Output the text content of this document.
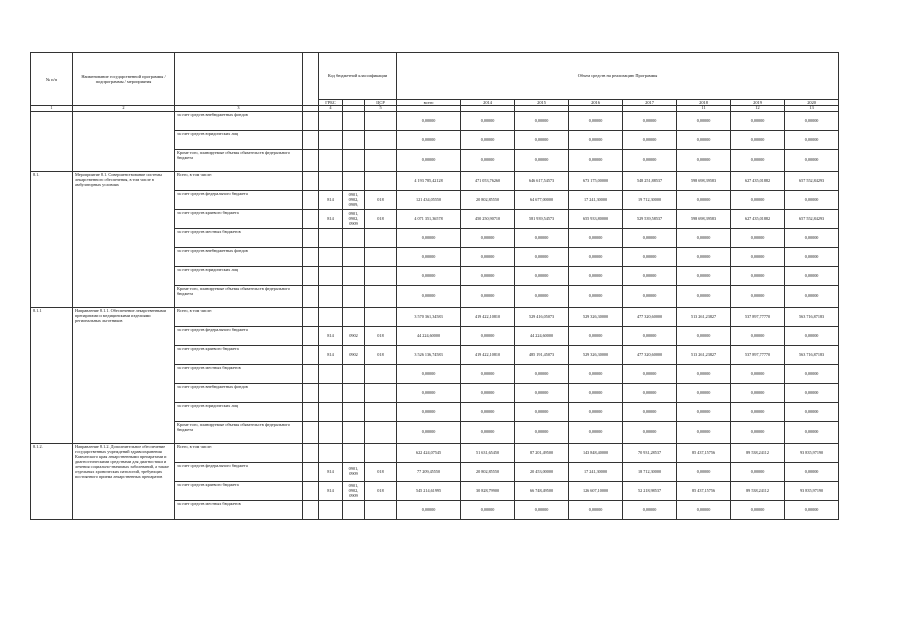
№ п/п	Наименование государственной программы / подпрограммы / мероприятия			Код бюджетной классификации			Объем средств на реализацию Программы							
				ГРБС		ЦСР	всего	2014	2015	2016	2017	2018	2019	2020
1	2	3		4		5						11	12	13
		за счет средств внебюджетных фондов					0,00000	0,00000	0,00000	0,00000	0,00000	0,00000	0,00000	0,00000
		за счет средств юридических лиц					0,00000	0,00000	0,00000	0,00000	0,00000	0,00000	0,00000	0,00000
		Кроме того, планируемые объемы обязательств федерального бюджета					0,00000	0,00000	0,00000	0,00000	0,00000	0,00000	0,00000	0,00000
8.1.	Мероприятие 8.1. Совершенствование системы лекарственного обеспечения, в том числе в амбулаторных условиях	Всего, в том числе:					4 193 785,42128	471 053,76260	646 617,54573	673 175,00000	548 251,88537	598 698,39583	627 435,01882	657 552,84293
		за счет средств федерального бюджета		814	0901, 0902, 0909,	018	121 434,05550	20 802,85550	64 677,00000	17 241,30000	19 712,30000	0,00000	0,00000	0,00000
		за счет средств краевого бюджета		814	0901, 0902, 0909	018	4 071 351,36578	450 250,90710	581 939,54573	655 933,80000	529 539,58537	598 698,39583	627 435,01882	657 552,84293
		за счет средств местных бюджетов					0,00000	0,00000	0,00000	0,00000	0,00000	0,00000	0,00000	0,00000
		за счет средств внебюджетных фондов					0,00000	0,00000	0,00000	0,00000	0,00000	0,00000	0,00000	0,00000
		за счет средств юридических лиц					0,00000	0,00000	0,00000	0,00000	0,00000	0,00000	0,00000	0,00000
		Кроме того, планируемые объемы обязательств федерального бюджета					0,00000	0,00000	0,00000	0,00000	0,00000	0,00000	0,00000	0,00000
8.1.1	Направление 8.1.1. Обеспечение лекарственными препаратами и медицинскими изделиями региональных льготников	Всего, в том числе:					3 570 361,34583	419 422,10810	529 416,05073	529 326,30000	477 320,60000	513 261,23827	537 897,77770	563 716,87183
		за счет средств федерального бюджета		814	0902	018	44 224,60000	0,00000	44 224,60000	0,00000	0,00000	0,00000	0,00000	0,00000
		за счет средств краевого бюджета		814	0902	018	3 526 136,74583	419 422,10810	485 191,45073	529 326,30000	477 320,60000	513 261,23827	537 897,77770	563 716,87183
		за счет средств местных бюджетов					0,00000	0,00000	0,00000	0,00000	0,00000	0,00000	0,00000	0,00000
		за счет средств внебюджетных фондов					0,00000	0,00000	0,00000	0,00000	0,00000	0,00000	0,00000	0,00000
		за счет средств юридических лиц					0,00000	0,00000	0,00000	0,00000	0,00000	0,00000	0,00000	0,00000
		Кроме того, планируемые объемы обязательств федерального бюджета					0,00000	0,00000	0,00000	0,00000	0,00000	0,00000	0,00000	0,00000
8.1.2.	Направление 8.1.2. Дополнительное обеспечение государственных учреждений здравоохранения Камчатского края лекарственными препаратами и диагностическими средствами для диагностики и лечения социально-значимых заболеваний, а также отдельных хронических патологий, требующих постоянного приема лекарственных препаратов	Всего, в том числе:					622 424,07545	51 631,65450	87 201,49500	143 848,40000	70 931,28537	85 437,15756	89 538,24112	93 835,97190
		за счет средств федерального бюджета		814	0901, 0909	018	77 209,45550	20 802,85550	20 453,00000	17 241,30000	18 712,30000	0,00000	0,00000	0,00000
		за счет средств краевого бюджета		814	0901, 0902, 0909	018	545 214,61995	30 828,79900	66 748,49500	126 607,10000	52 218,98537	85 437,15756	89 538,24112	93 835,97190
		за счет средств местных бюджетов					0,00000	0,00000	0,00000	0,00000	0,00000	0,00000	0,00000	0,00000
